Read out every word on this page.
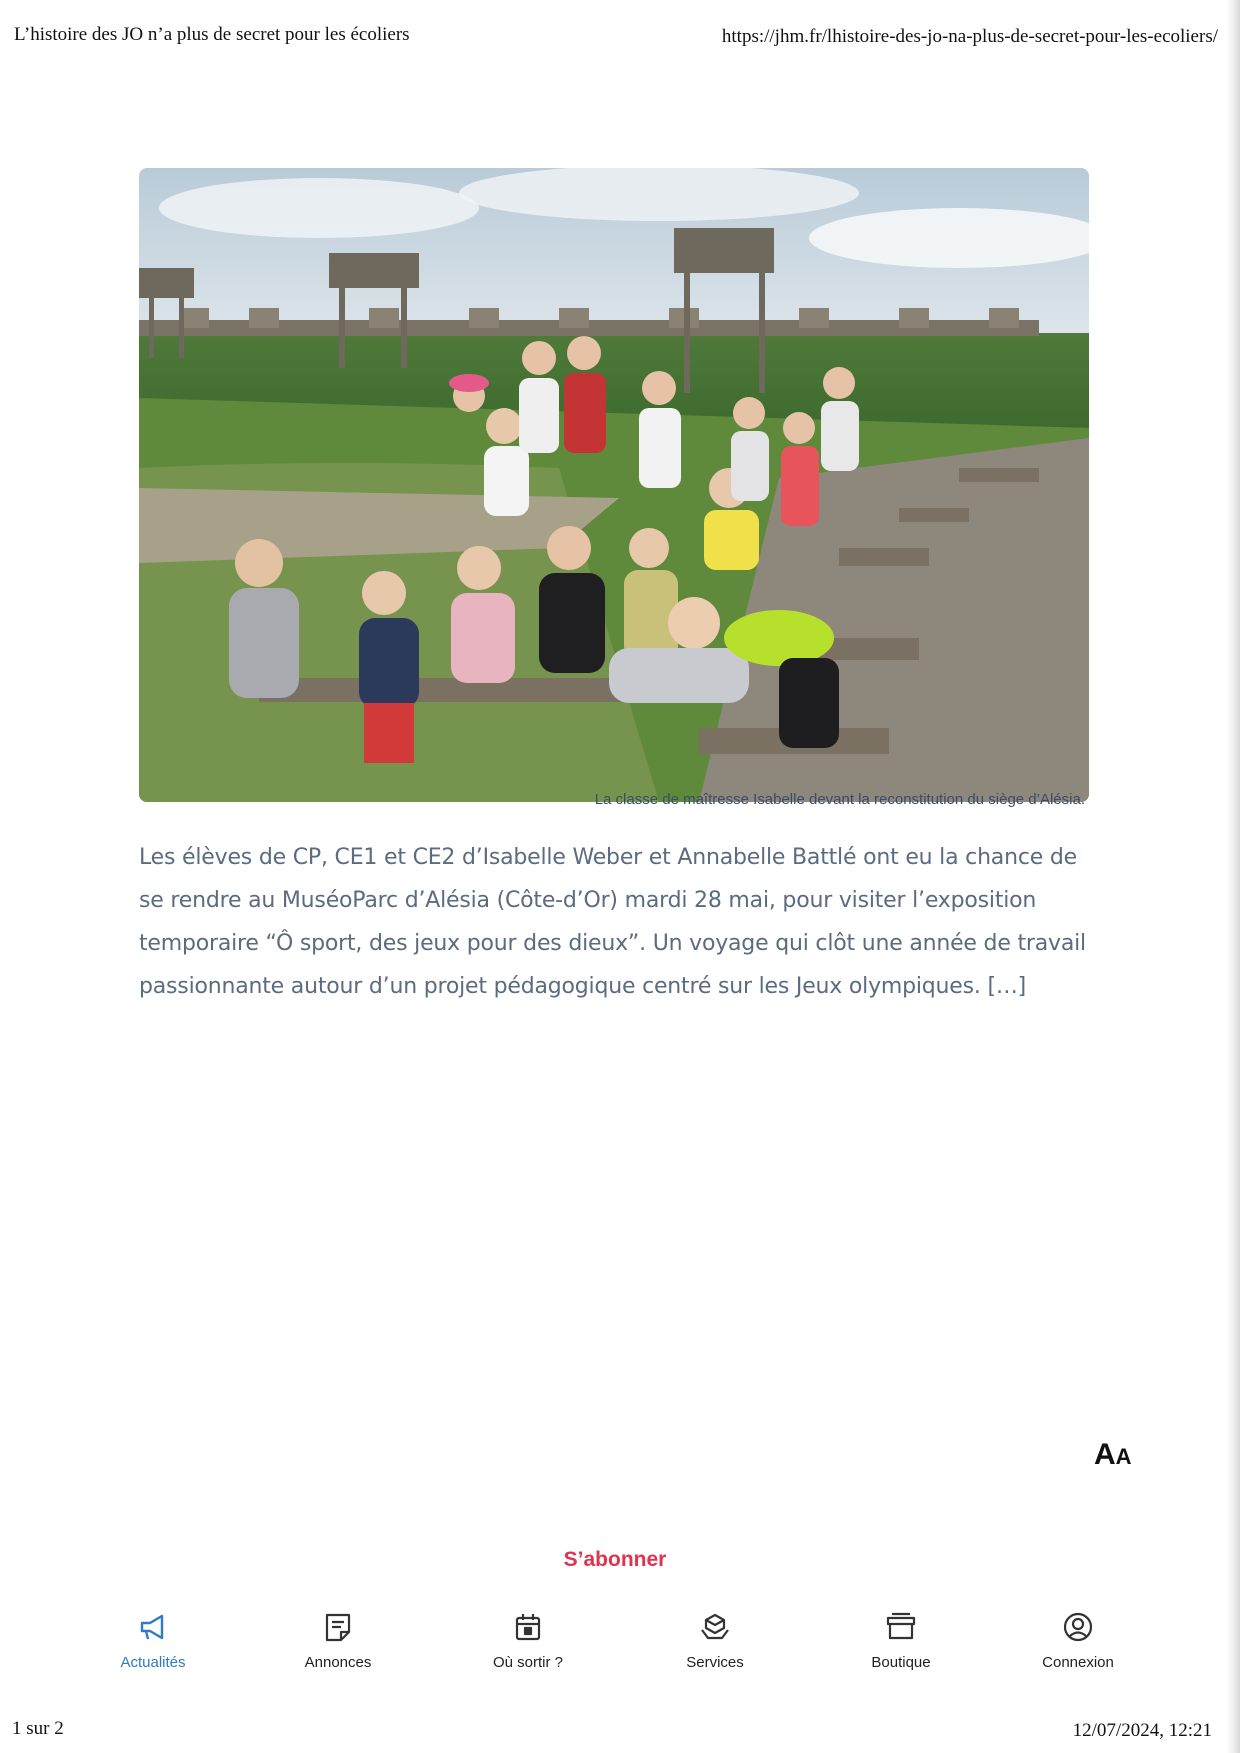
L’histoire des JO n’a plus de secret pour les écoliers	https://jhm.fr/lhistoire-des-jo-na-plus-de-secret-pour-les-ecoliers/
La classe de maîtresse Isabelle devant la reconstitution du siège d’Alésia.
Les élèves de CP, CE1 et CE2 d’Isabelle Weber et Annabelle Battlé ont eu la chance de se rendre au MuséoParc d’Alésia (Côte-d’Or) mardi 28 mai, pour visiter l’exposition temporaire “Ô sport, des jeux pour des dieux”. Un voyage qui clôt une année de travail passionnante autour d’un projet pédagogique centré sur les Jeux olympiques. […]
AA
S’abonner
Actualités	Annonces	Où sortir ?	Services	Boutique	Connexion
1 sur 2	12/07/2024, 12:21
